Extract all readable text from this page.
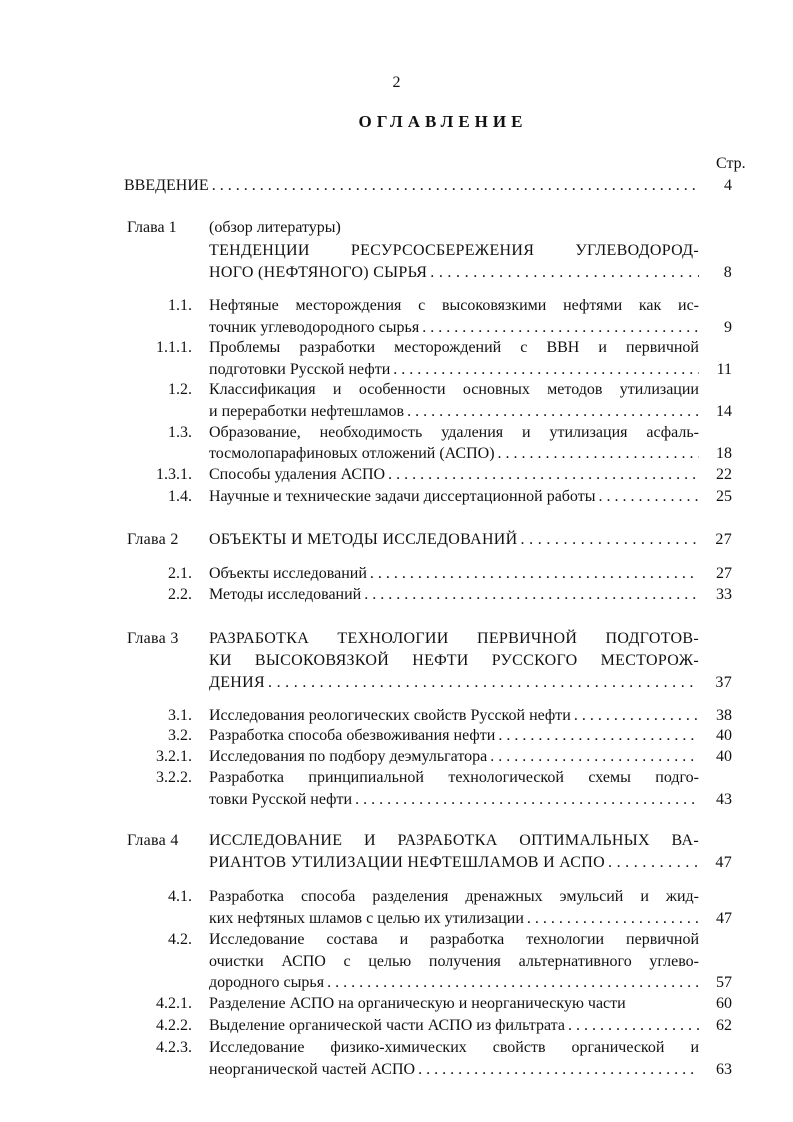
2
ОГЛАВЛЕНИЕ
Стр.
ВВЕДЕНИЕ . . .	4
Глава 1 (обзор литературы)
ТЕНДЕНЦИИ РЕСУРСОСБЕРЕЖЕНИЯ УГЛЕВОДОРОД-
НОГО (НЕФТЯНОГО) СЫРЬЯ . . .	8
1.1. Нефтяные месторождения с высоковязкими нефтями как ис-
точник углеводородного сырья . . .	9
1.1.1. Проблемы разработки месторождений с ВВН и первичной
подготовки Русской нефти . . .	11
1.2. Классификация и особенности основных методов утилизации
и переработки нефтешламов . . .	14
1.3. Образование, необходимость удаления и утилизация асфаль-
тосмолопарафиновых отложений (АСПО) . . .	18
1.3.1. Способы удаления АСПО . . .	22
1.4. Научные и технические задачи диссертационной работы . . .	25
Глава 2 ОБЪЕКТЫ И МЕТОДЫ ИССЛЕДОВАНИЙ . . .	27
2.1. Объекты исследований . . .	27
2.2. Методы исследований . . .	33
Глава 3 РАЗРАБОТКА ТЕХНОЛОГИИ ПЕРВИЧНОЙ ПОДГОТОВ-
КИ ВЫСОКОВЯЗКОЙ НЕФТИ РУССКОГО МЕСТОРОЖ-
ДЕНИЯ . . .	37
3.1. Исследования реологических свойств Русской нефти . . .	38
3.2. Разработка способа обезвоживания нефти . . .	40
3.2.1. Исследования по подбору деэмульгатора . . .	40
3.2.2. Разработка принципиальной технологической схемы подго-
товки Русской нефти . . .	43
Глава 4 ИССЛЕДОВАНИЕ И РАЗРАБОТКА ОПТИМАЛЬНЫХ ВА-
РИАНТОВ УТИЛИЗАЦИИ НЕФТЕШЛАМОВ И АСПО . . .	47
4.1. Разработка способа разделения дренажных эмульсий и жид-
ких нефтяных шламов с целью их утилизации . . .	47
4.2. Исследование состава и разработка технологии первичной
очистки АСПО с целью получения альтернативного углево-
дородного сырья . . .	57
4.2.1. Разделение АСПО на органическую и неорганическую части	60
4.2.2. Выделение органической части АСПО из фильтрата . . .	62
4.2.3. Исследование физико-химических свойств органической и
неорганической частей АСПО . . .	63
